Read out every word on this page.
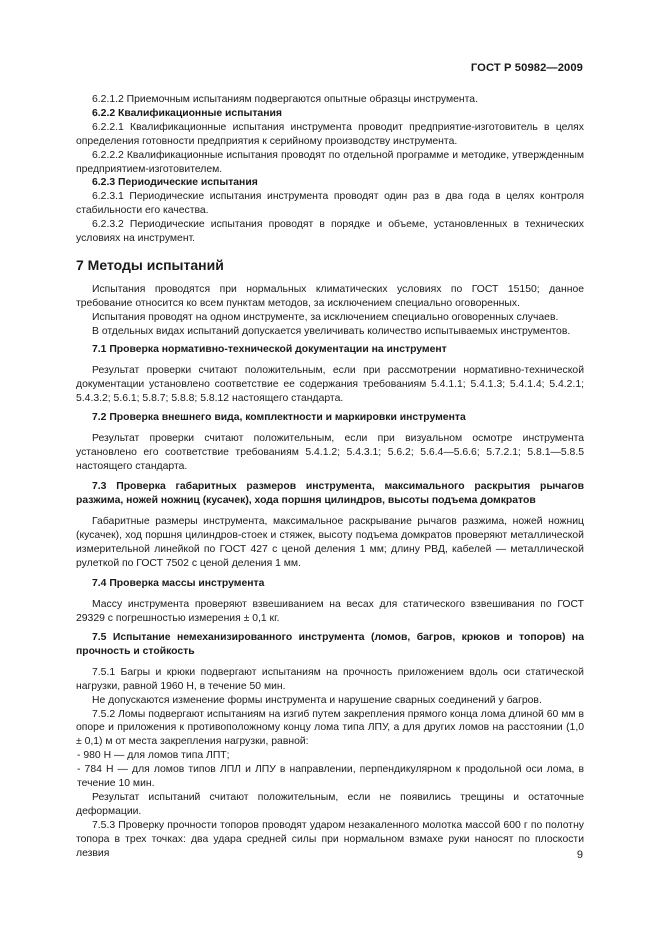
ГОСТ Р 50982—2009

6.2.1.2 Приемочным испытаниям подвергаются опытные образцы инструмента.

6.2.2 Квалификационные испытания

6.2.2.1 Квалификационные испытания инструмента проводит предприятие-изготовитель в целях определения готовности предприятия к серийному производству инструмента.

6.2.2.2 Квалификационные испытания проводят по отдельной программе и методике, утвержденным предприятием-изготовителем.

6.2.3 Периодические испытания

6.2.3.1 Периодические испытания инструмента проводят один раз в два года в целях контроля стабильности его качества.

6.2.3.2 Периодические испытания проводят в порядке и объеме, установленных в технических условиях на инструмент.

7 Методы испытаний

Испытания проводятся при нормальных климатических условиях по ГОСТ 15150; данное требование относится ко всем пунктам методов, за исключением специально оговоренных.

Испытания проводят на одном инструменте, за исключением специально оговоренных случаев.

В отдельных видах испытаний допускается увеличивать количество испытываемых инструментов.

7.1 Проверка нормативно-технической документации на инструмент

Результат проверки считают положительным, если при рассмотрении нормативно-технической документации установлено соответствие ее содержания требованиям 5.4.1.1; 5.4.1.3; 5.4.1.4; 5.4.2.1; 5.4.3.2; 5.6.1; 5.8.7; 5.8.8; 5.8.12 настоящего стандарта.

7.2 Проверка внешнего вида, комплектности и маркировки инструмента

Результат проверки считают положительным, если при визуальном осмотре инструмента установлено его соответствие требованиям 5.4.1.2; 5.4.3.1; 5.6.2; 5.6.4—5.6.6; 5.7.2.1; 5.8.1—5.8.5 настоящего стандарта.

7.3 Проверка габаритных размеров инструмента, максимального раскрытия рычагов разжима, ножей ножниц (кусачек), хода поршня цилиндров, высоты подъема домкратов

Габаритные размеры инструмента, максимальное раскрывание рычагов разжима, ножей ножниц (кусачек), ход поршня цилиндров-стоек и стяжек, высоту подъема домкратов проверяют металлической измерительной линейкой по ГОСТ 427 с ценой деления 1 мм; длину РВД, кабелей — металлической рулеткой по ГОСТ 7502 с ценой деления 1 мм.

7.4 Проверка массы инструмента

Массу инструмента проверяют взвешиванием на весах для статического взвешивания по ГОСТ 29329 с погрешностью измерения ± 0,1 кг.

7.5 Испытание немеханизированного инструмента (ломов, багров, крюков и топоров) на прочность и стойкость

7.5.1 Багры и крюки подвергают испытаниям на прочность приложением вдоль оси статической нагрузки, равной 1960 Н, в течение 50 мин.

Не допускаются изменение формы инструмента и нарушение сварных соединений у багров.

7.5.2 Ломы подвергают испытаниям на изгиб путем закрепления прямого конца лома длиной 60 мм в опоре и приложения к противоположному концу лома типа ЛПУ, а для других ломов на расстоянии (1,0 ± 0,1) м от места закрепления нагрузки, равной:

- 980 Н — для ломов типа ЛПТ;

- 784 Н — для ломов типов ЛПЛ и ЛПУ в направлении, перпендикулярном к продольной оси лома, в течение 10 мин.

Результат испытаний считают положительным, если не появились трещины и остаточные деформации.

7.5.3 Проверку прочности топоров проводят ударом незакаленного молотка массой 600 г по полотну топора в трех точках: два удара средней силы при нормальном взмахе руки наносят по плоскости лезвия	9
